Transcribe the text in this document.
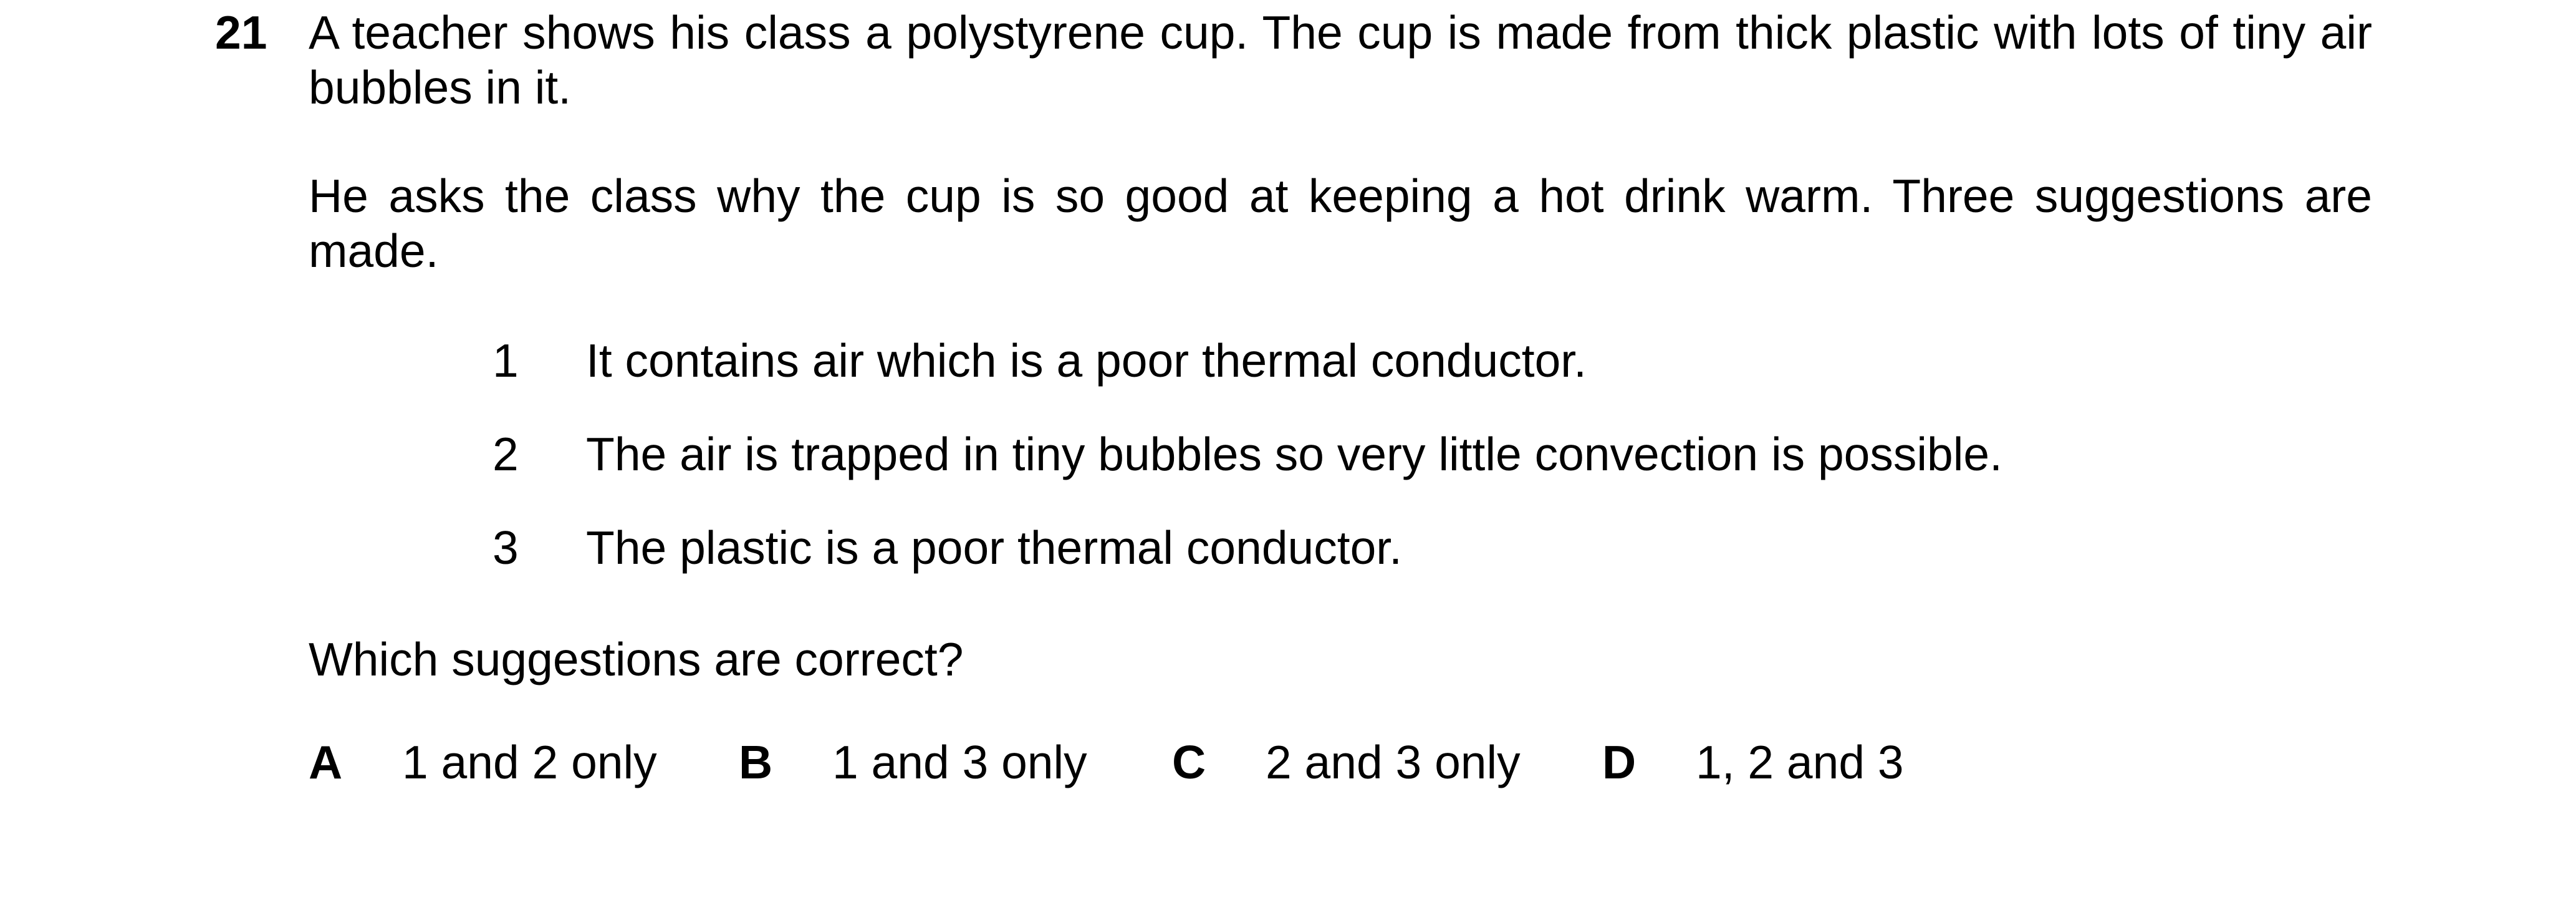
21 A teacher shows his class a polystyrene cup. The cup is made from thick plastic with lots of tiny air bubbles in it.
He asks the class why the cup is so good at keeping a hot drink warm. Three suggestions are made.
1 It contains air which is a poor thermal conductor.
2 The air is trapped in tiny bubbles so very little convection is possible.
3 The plastic is a poor thermal conductor.
Which suggestions are correct?
A 1 and 2 only B 1 and 3 only C 2 and 3 only D 1, 2 and 3
